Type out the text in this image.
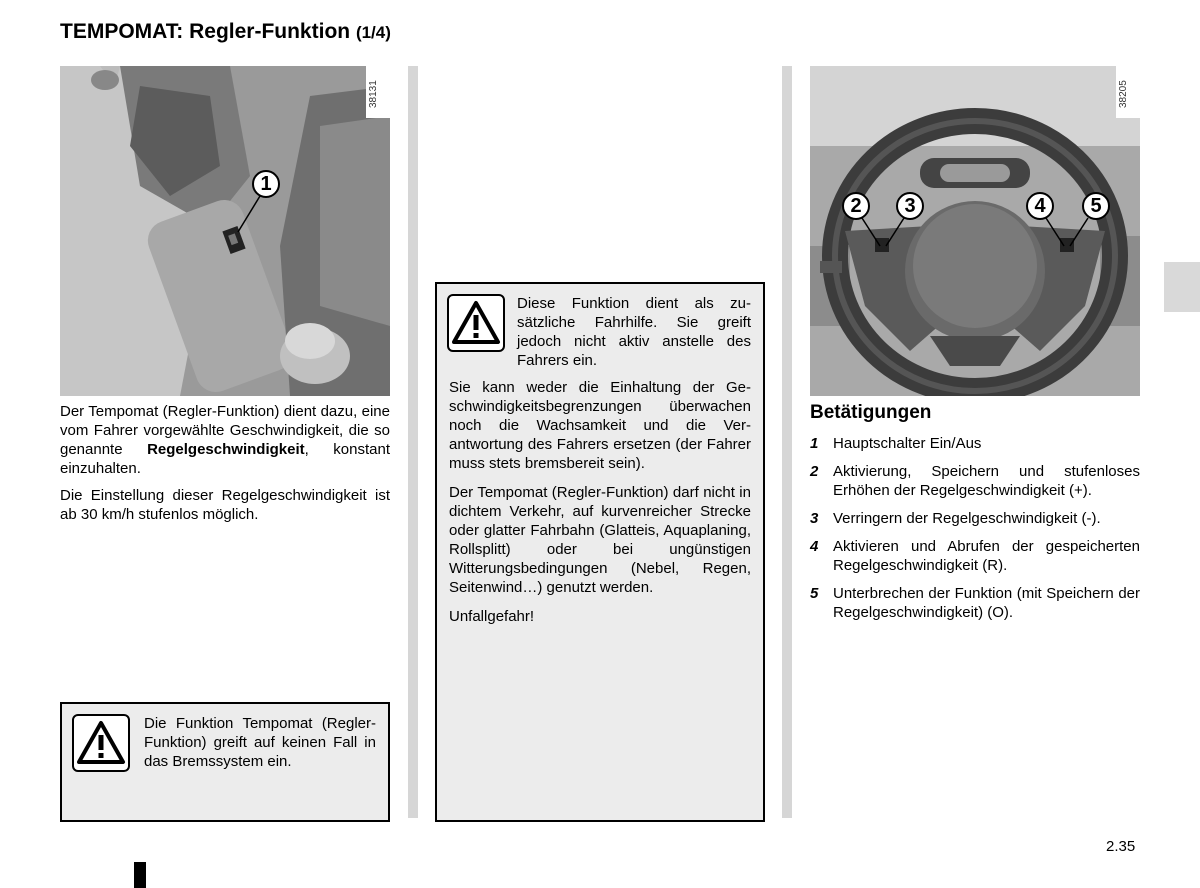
TEMPOMAT: Regler-Funktion (1/4)
1
38131

Der Tempomat (Regler-Funktion) dient dazu, eine vom Fahrer vorgewählte Geschwindigkeit, die so genannte Regelgeschwindigkeit, konstant einzuhalten.

Die Einstellung dieser Regelgeschwindigkeit ist ab 30 km/h stufenlos möglich.

Die Funktion Tempomat (Regler-Funktion) greift auf keinen Fall in das Bremssystem ein.
Diese Funktion dient als zusätzliche Fahrhilfe. Sie greift jedoch nicht aktiv anstelle des Fahrers ein.

Sie kann weder die Einhaltung der Geschwindigkeitsbegrenzungen überwachen noch die Wachsamkeit und die Verantwortung des Fahrers ersetzen (der Fahrer muss stets bremsbereit sein).

Der Tempomat (Regler-Funktion) darf nicht in dichtem Verkehr, auf kurvenreicher Strecke oder glatter Fahrbahn (Glatteis, Aquaplaning, Rollsplitt) oder bei ungünstigen Witterungsbedingungen (Nebel, Regen, Seitenwind…) genutzt werden.

Unfallgefahr!

2	3	4	5
38205
Betätigungen
1 Hauptschalter Ein/Aus
2 Aktivierung, Speichern und stufenloses Erhöhen der Regelgeschwindigkeit (+).
3 Verringern der Regelgeschwindigkeit (-).
4 Aktivieren und Abrufen der gespeicherten Regelgeschwindigkeit (R).
5 Unterbrechen der Funktion (mit Speichern der Regelgeschwindigkeit) (O).
2.35
